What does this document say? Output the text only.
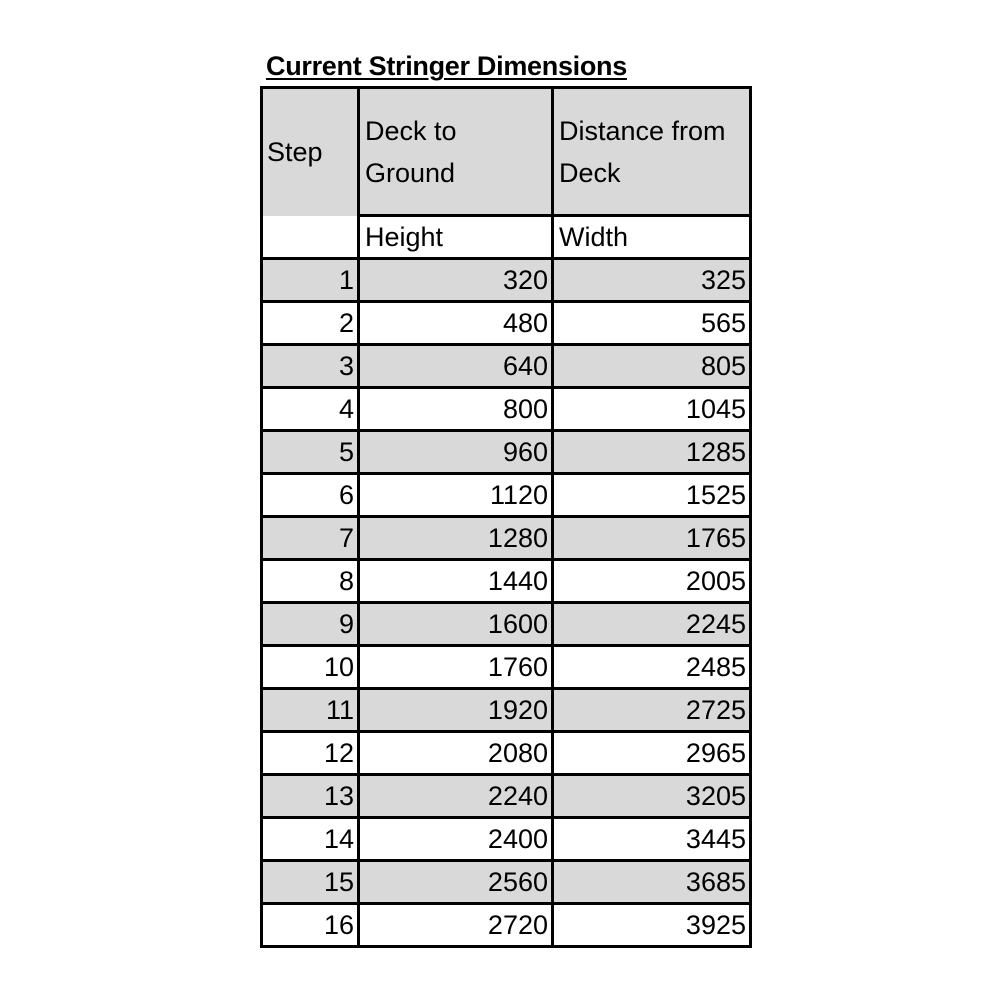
Current Stringer Dimensions
Step	Deck to Ground	Distance from Deck
	Height	Width
1	320	325
2	480	565
3	640	805
4	800	1045
5	960	1285
6	1120	1525
7	1280	1765
8	1440	2005
9	1600	2245
10	1760	2485
11	1920	2725
12	2080	2965
13	2240	3205
14	2400	3445
15	2560	3685
16	2720	3925
